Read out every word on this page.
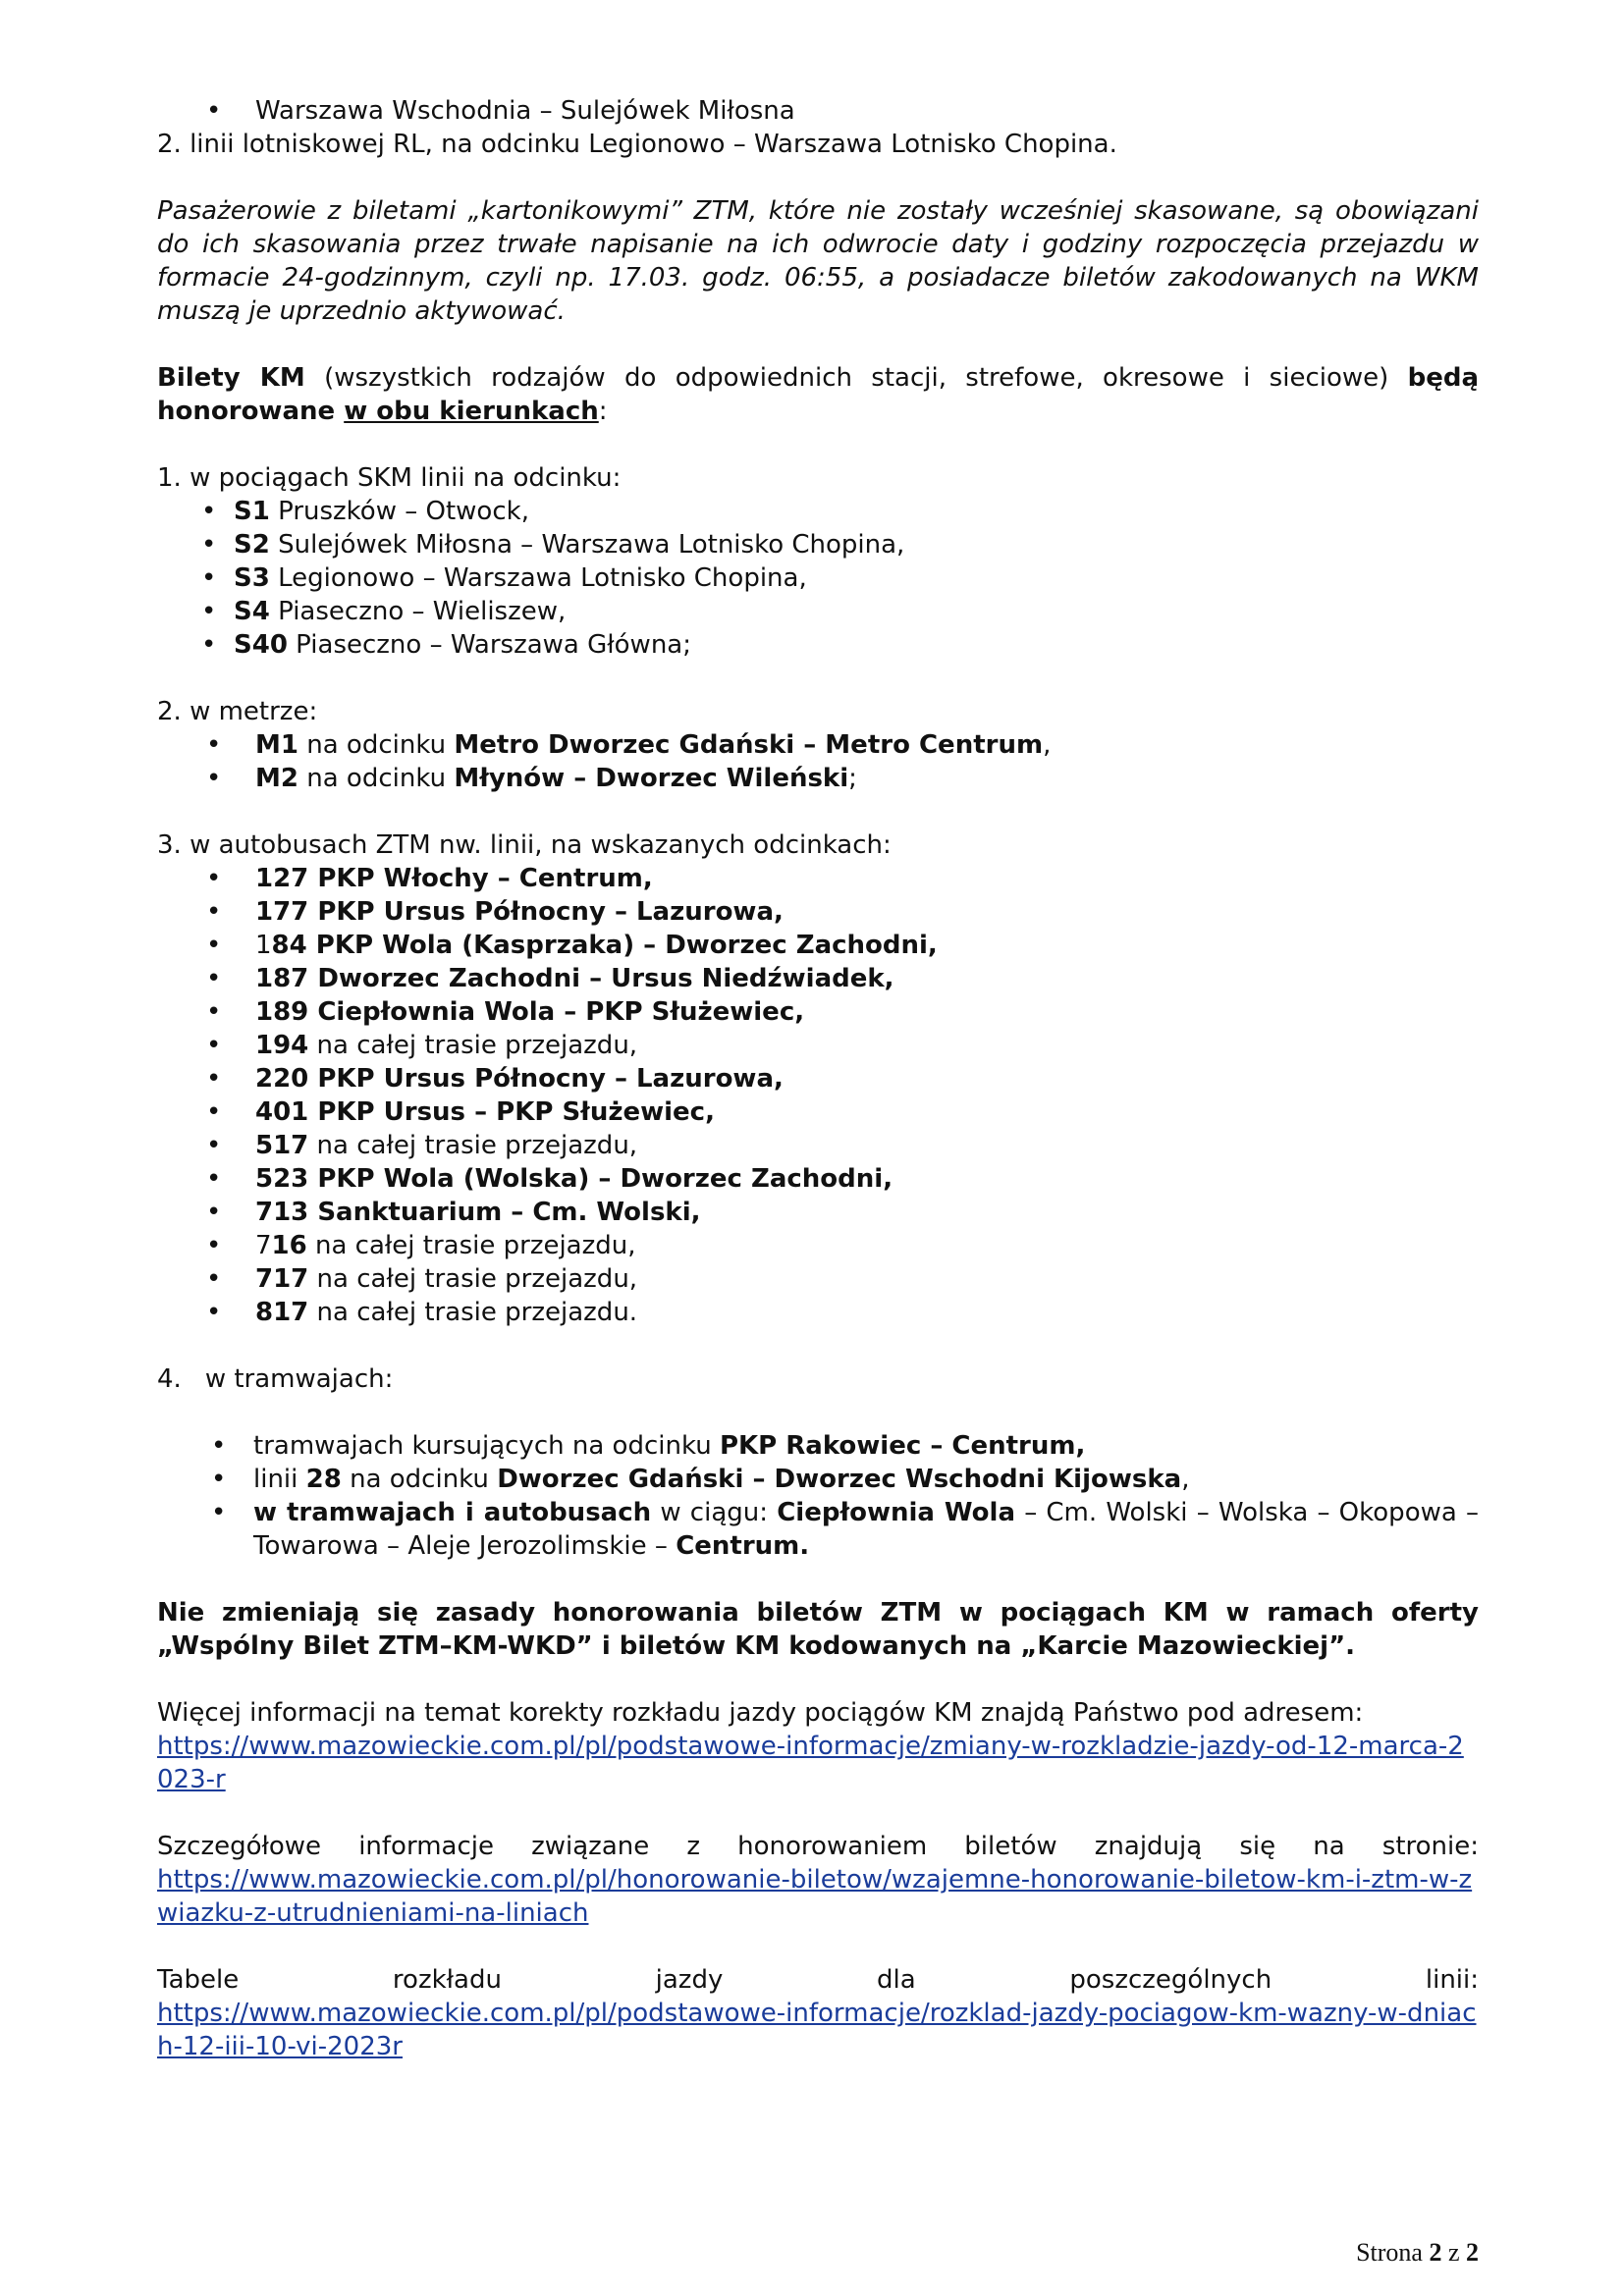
• Warszawa Wschodnia – Sulejówek Miłosna

2. linii lotniskowej RL, na odcinku Legionowo – Warszawa Lotnisko Chopina.

Pasażerowie z biletami „kartonikowymi” ZTM, które nie zostały wcześniej skasowane, są obowiązani do ich skasowania przez trwałe napisanie na ich odwrocie daty i godziny rozpoczęcia przejazdu w formacie 24-godzinnym, czyli np. 17.03. godz. 06:55, a posiadacze biletów zakodowanych na WKM muszą je uprzednio aktywować.

Bilety KM (wszystkich rodzajów do odpowiednich stacji, strefowe, okresowe i sieciowe) będą honorowane w obu kierunkach:

1. w pociągach SKM linii na odcinku:

• S1 Pruszków – Otwock,
• S2 Sulejówek Miłosna – Warszawa Lotnisko Chopina,
• S3 Legionowo – Warszawa Lotnisko Chopina,
• S4 Piaseczno – Wieliszew,
• S40 Piaseczno – Warszawa Główna;

2. w metrze:

• M1 na odcinku Metro Dworzec Gdański – Metro Centrum,
• M2 na odcinku Młynów – Dworzec Wileński;

3. w autobusach ZTM nw. linii, na wskazanych odcinkach:

• 127 PKP Włochy – Centrum,
• 177 PKP Ursus Północny – Lazurowa,
• 184 PKP Wola (Kasprzaka) – Dworzec Zachodni,
• 187 Dworzec Zachodni – Ursus Niedźwiadek,
• 189 Ciepłownia Wola – PKP Służewiec,
• 194 na całej trasie przejazdu,
• 220 PKP Ursus Północny – Lazurowa,
• 401 PKP Ursus – PKP Służewiec,
• 517 na całej trasie przejazdu,
• 523 PKP Wola (Wolska) – Dworzec Zachodni,
• 713 Sanktuarium – Cm. Wolski,
• 716 na całej trasie przejazdu,
• 717 na całej trasie przejazdu,
• 817 na całej trasie przejazdu.

4. w tramwajach:

• tramwajach kursujących na odcinku PKP Rakowiec – Centrum,
• linii 28 na odcinku Dworzec Gdański – Dworzec Wschodni Kijowska,
• w tramwajach i autobusach w ciągu: Ciepłownia Wola – Cm. Wolski – Wolska – Okopowa – Towarowa – Aleje Jerozolimskie – Centrum.

Nie zmieniają się zasady honorowania biletów ZTM w pociągach KM w ramach oferty „Wspólny Bilet ZTM–KM-WKD” i biletów KM kodowanych na „Karcie Mazowieckiej”.

Więcej informacji na temat korekty rozkładu jazdy pociągów KM znajdą Państwo pod adresem:

https://www.mazowieckie.com.pl/pl/podstawowe-informacje/zmiany-w-rozkladzie-jazdy-od-12-marca-2023-r

Szczegółowe informacje związane z honorowaniem biletów znajdują się na stronie:

https://www.mazowieckie.com.pl/pl/honorowanie-biletow/wzajemne-honorowanie-biletow-km-i-ztm-w-zwiazku-z-utrudnieniami-na-liniach

Tabele rozkładu jazdy dla poszczególnych linii:

https://www.mazowieckie.com.pl/pl/podstawowe-informacje/rozklad-jazdy-pociagow-km-wazny-w-dniach-12-iii-10-vi-2023r

Strona 2 z 2
